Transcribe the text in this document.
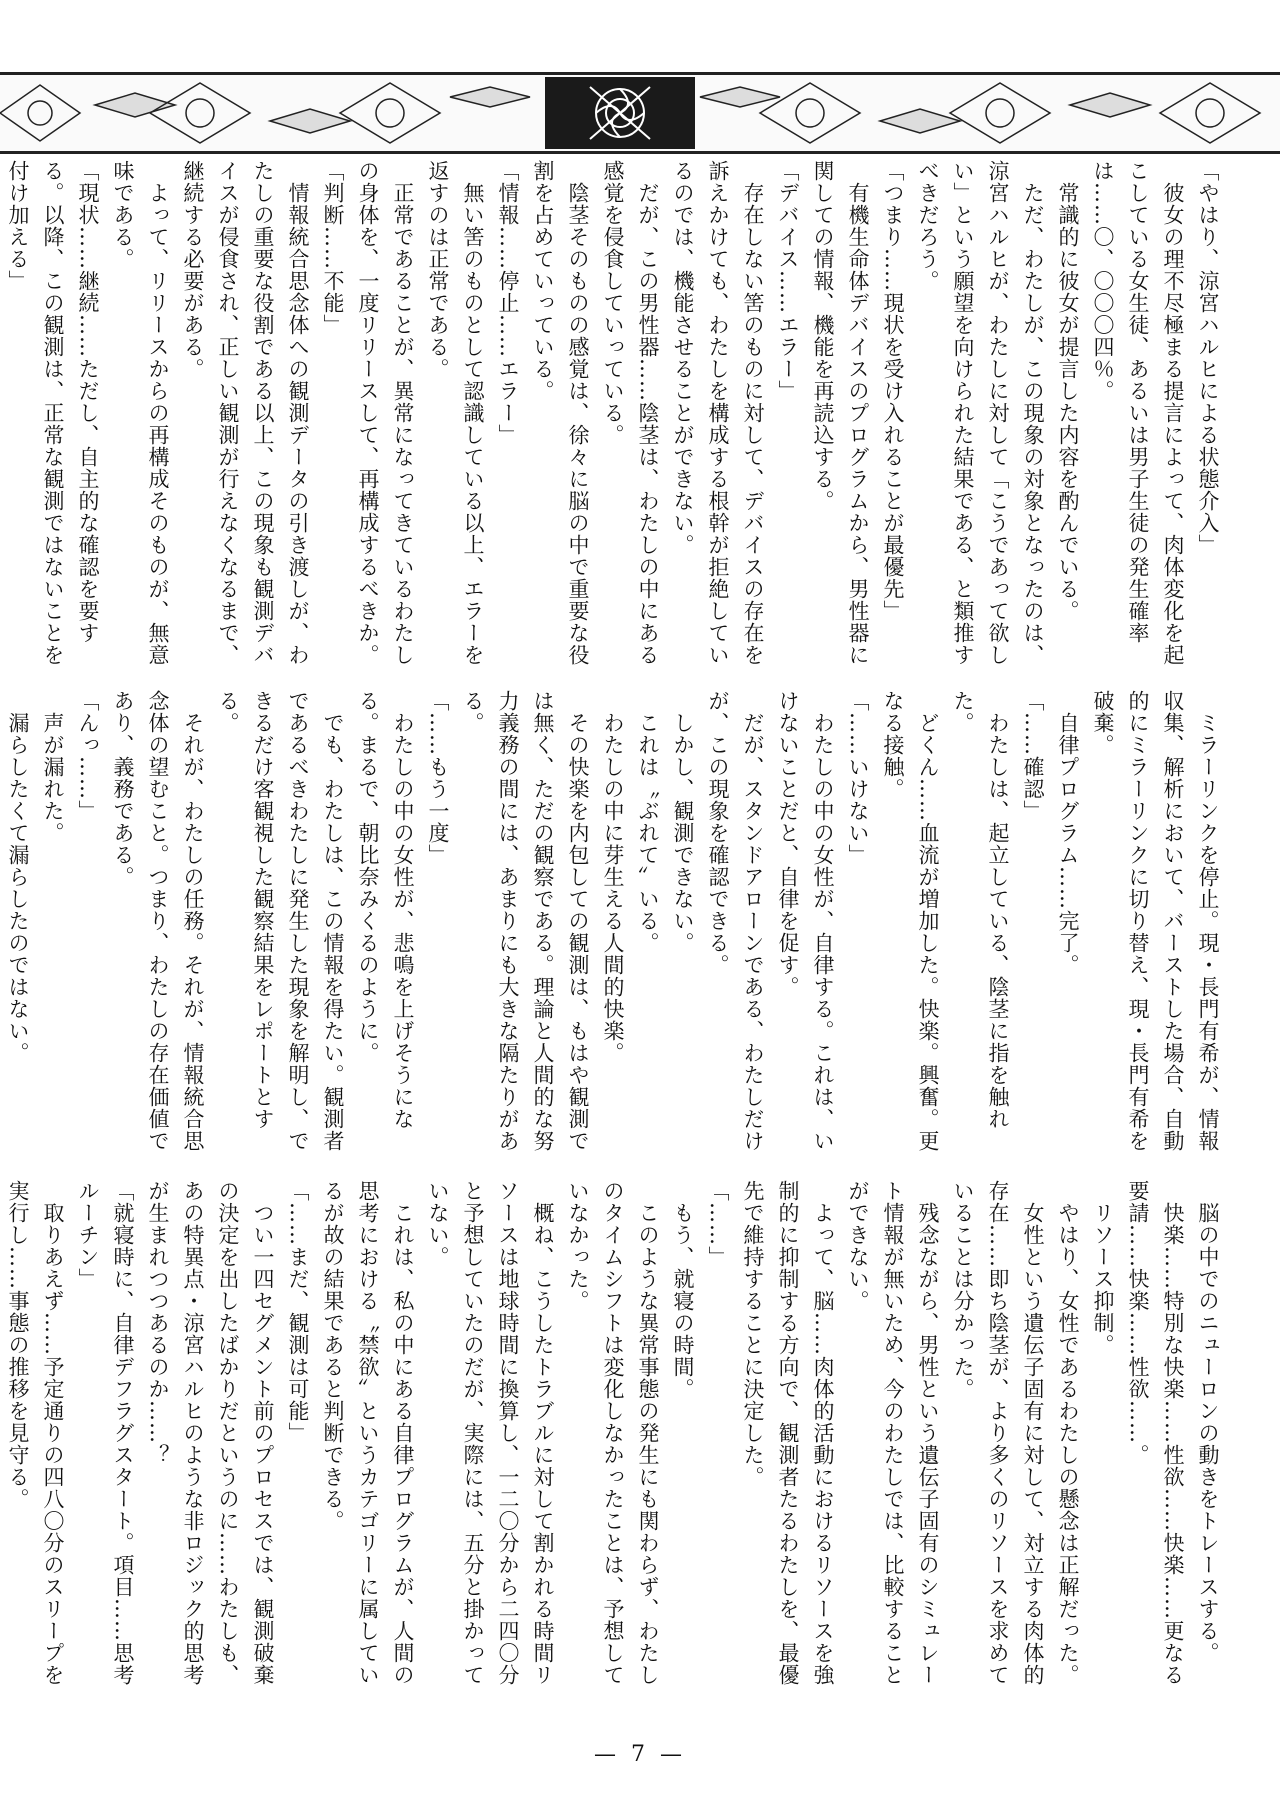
「やはり、涼宮ハルヒによる状態介入」
　彼女の理不尽極まる提言によって、肉体変化を起こしている女生徒、あるいは男子生徒の発生確率は……〇、〇〇〇四％。
　常識的に彼女が提言した内容を酌んでいる。
　ただ、わたしが、この現象の対象となったのは、涼宮ハルヒが、わたしに対して「こうであって欲しい」という願望を向けられた結果である、と類推すべきだろう。
「つまり……現状を受け入れることが最優先」
　有機生命体デバイスのプログラムから、男性器に関しての情報、機能を再読込する。
「デバイス……エラー」
　存在しない筈のものに対して、デバイスの存在を訴えかけても、わたしを構成する根幹が拒絶しているのでは、機能させることができない。
　だが、この男性器……陰茎は、わたしの中にある感覚を侵食していっている。
　陰茎そのものの感覚は、徐々に脳の中で重要な役割を占めていっている。
「情報……停止……エラー」
　無い筈のものとして認識している以上、エラーを返すのは正常である。
　正常であることが、異常になってきているわたしの身体を、一度リリースして、再構成するべきか。
「判断……不能」
　情報統合思念体への観測データの引き渡しが、わたしの重要な役割である以上、この現象も観測デバイスが侵食され、正しい観測が行えなくなるまで、継続する必要がある。
　よって、リリースからの再構成そのものが、無意味である。
「現状……継続……ただし、自主的な確認を要する。以降、この観測は、正常な観測ではないことを付け加える」
　ミラーリンクを停止。現・長門有希が、情報収集、解析において、バーストした場合、自動的にミラーリンクに切り替え、現・長門有希を破棄。
　自律プログラム……完了。
「……確認」
　わたしは、起立している、陰茎に指を触れた。
　どくん……血流が増加した。快楽。興奮。更なる接触。
「……いけない」
　わたしの中の女性が、自律する。これは、いけないことだと、自律を促す。
　だが、スタンドアローンである、わたしだけが、この現象を確認できる。
　しかし、観測できない。
　これは〝ぶれて〟いる。
　わたしの中に芽生える人間的快楽。
　その快楽を内包しての観測は、もはや観測では無く、ただの観察である。理論と人間的な努力義務の間には、あまりにも大きな隔たりがある。
「……もう一度」
　わたしの中の女性が、悲鳴を上げそうになる。まるで、朝比奈みくるのように。
　でも、わたしは、この情報を得たい。観測者であるべきわたしに発生した現象を解明し、できるだけ客観視した観察結果をレポートとする。
　それが、わたしの任務。それが、情報統合思念体の望むこと。つまり、わたしの存在価値であり、義務である。
「んっ……」
　声が漏れた。
　漏らしたくて漏らしたのではない。

　脳の中でのニューロンの動きをトレースする。
　快楽……特別な快楽……性欲……快楽……更なる要請……快楽……性欲……。
　リソース抑制。
　やはり、女性であるわたしの懸念は正解だった。
　女性という遺伝子固有に対して、対立する肉体的存在……即ち陰茎が、より多くのリソースを求めていることは分かった。
　残念ながら、男性という遺伝子固有のシミュレート情報が無いため、今のわたしでは、比較することができない。
　よって、脳……肉体的活動におけるリソースを強制的に抑制する方向で、観測者たるわたしを、最優先で維持することに決定した。
「……」
　もう、就寝の時間。
　このような異常事態の発生にも関わらず、わたしのタイムシフトは変化しなかったことは、予想していなかった。
　概ね、こうしたトラブルに対して割かれる時間リソースは地球時間に換算し、一二〇分から二四〇分と予想していたのだが、実際には、五分と掛かっていない。
　これは、私の中にある自律プログラムが、人間の思考における〝禁欲〟というカテゴリーに属しているが故の結果であると判断できる。
「……まだ、観測は可能」
　つい一四セグメント前のプロセスでは、観測破棄の決定を出したばかりだというのに……わたしも、あの特異点・涼宮ハルヒのような非ロジック的思考が生まれつつあるのか……？
「就寝時に、自律デフラグスタート。項目……思考ルーチン」
　取りあえず……予定通りの四八〇分のスリープを実行し……事態の推移を見守る。

— 7 —
